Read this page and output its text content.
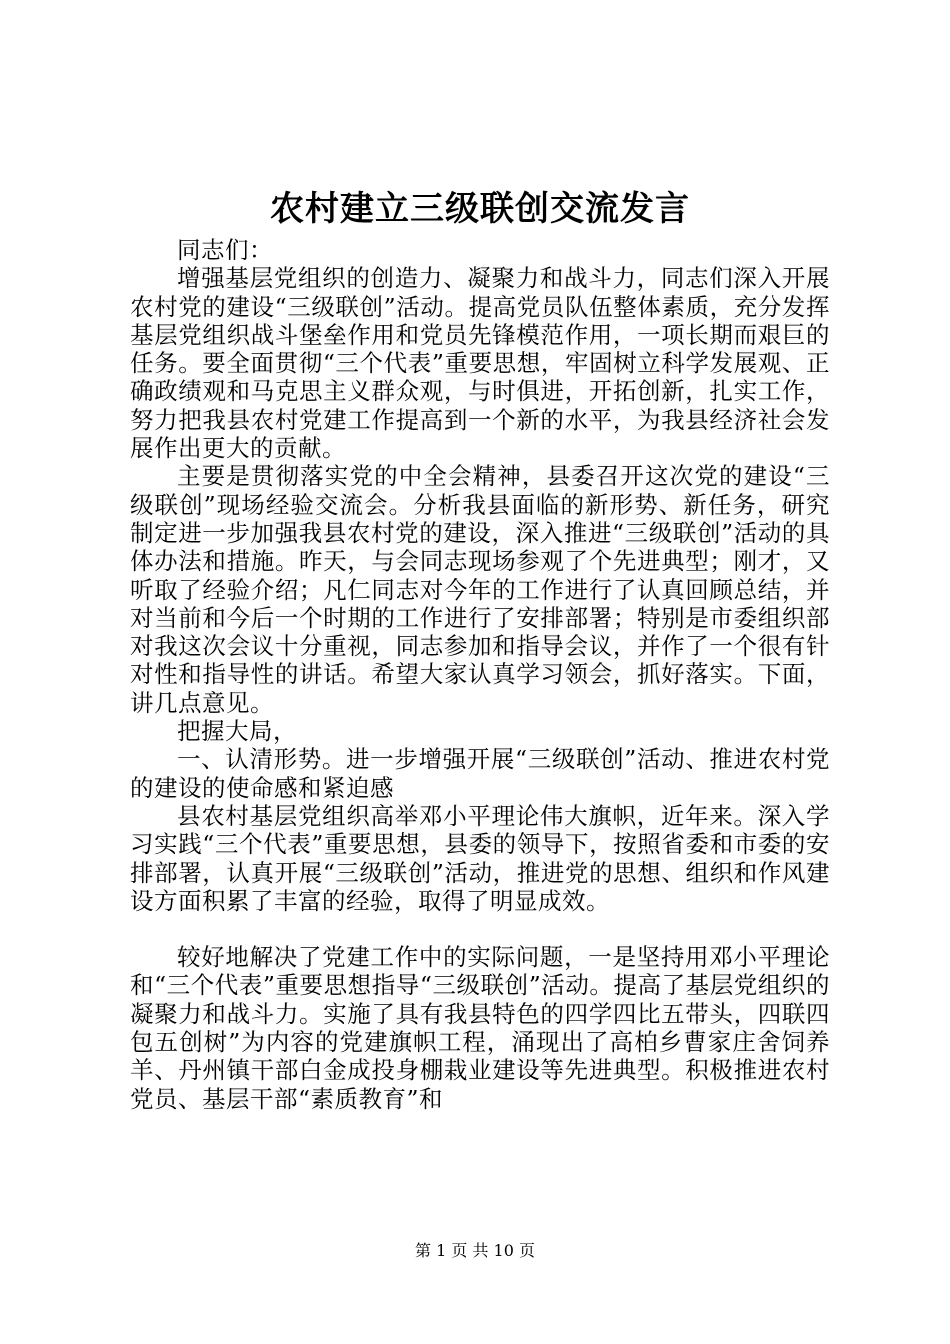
农村建立三级联创交流发言

同志们：

增强基层党组织的创造力、凝聚力和战斗力，同志们深入开展农村党的建设“三级联创”活动。提高党员队伍整体素质，充分发挥基层党组织战斗堡垒作用和党员先锋模范作用，一项长期而艰巨的任务。要全面贯彻“三个代表”重要思想，牢固树立科学发展观、正确政绩观和马克思主义群众观，与时俱进，开拓创新，扎实工作，努力把我县农村党建工作提高到一个新的水平，为我县经济社会发展作出更大的贡献。

主要是贯彻落实党的中全会精神，县委召开这次党的建设“三级联创”现场经验交流会。分析我县面临的新形势、新任务，研究制定进一步加强我县农村党的建设，深入推进“三级联创”活动的具体办法和措施。昨天，与会同志现场参观了个先进典型；刚才，又听取了经验介绍；凡仁同志对今年的工作进行了认真回顾总结，并对当前和今后一个时期的工作进行了安排部署；特别是市委组织部对我这次会议十分重视，同志参加和指导会议，并作了一个很有针对性和指导性的讲话。希望大家认真学习领会，抓好落实。下面，讲几点意见。

把握大局，

一、认清形势。进一步增强开展“三级联创”活动、推进农村党的建设的使命感和紧迫感

县农村基层党组织高举邓小平理论伟大旗帜，近年来。深入学习实践“三个代表”重要思想，县委的领导下，按照省委和市委的安排部署，认真开展“三级联创”活动，推进党的思想、组织和作风建设方面积累了丰富的经验，取得了明显成效。

较好地解决了党建工作中的实际问题，一是坚持用邓小平理论和“三个代表”重要思想指导“三级联创”活动。提高了基层党组织的凝聚力和战斗力。实施了具有我县特色的四学四比五带头，四联四包五创树”为内容的党建旗帜工程，涌现出了高柏乡曹家庄舍饲养羊、丹州镇干部白金成投身棚栽业建设等先进典型。积极推进农村党员、基层干部“素质教育”和

第 1 页 共 10 页
